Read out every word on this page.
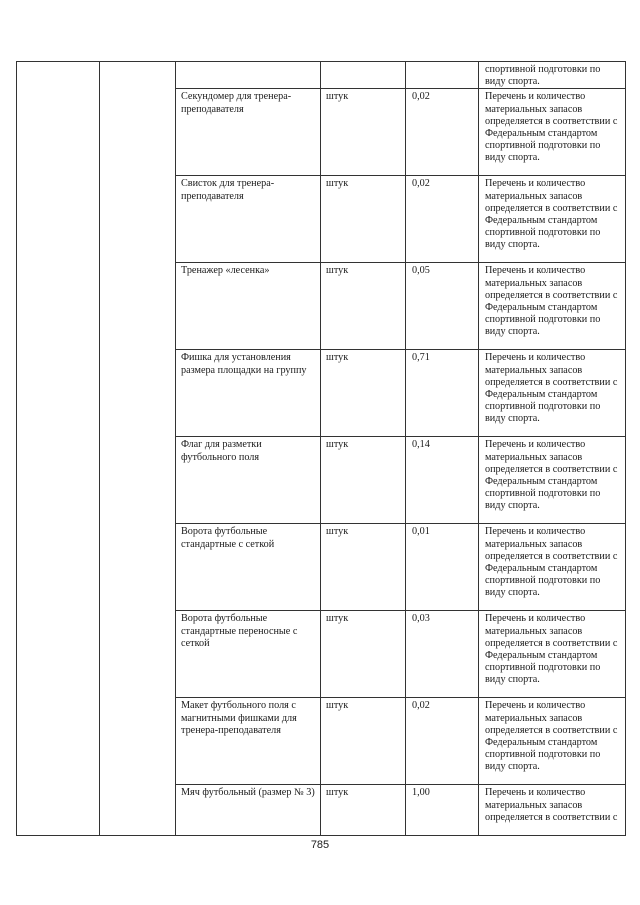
					спортивной подготовки по виду спорта.

		Секундомер для тренера-преподавателя	штук	0,02	Перечень и количество материальных запасов определяется в соответствии с Федеральным стандартом спортивной подготовки по виду спорта.

		Свисток для тренера-преподавателя	штук	0,02	Перечень и количество материальных запасов определяется в соответствии с Федеральным стандартом спортивной подготовки по виду спорта.

		Тренажер «лесенка»	штук	0,05	Перечень и количество материальных запасов определяется в соответствии с Федеральным стандартом спортивной подготовки по виду спорта.

		Фишка для установления размера площадки на группу	штук	0,71	Перечень и количество материальных запасов определяется в соответствии с Федеральным стандартом спортивной подготовки по виду спорта.

		Флаг для разметки футбольного поля	штук	0,14	Перечень и количество материальных запасов определяется в соответствии с Федеральным стандартом спортивной подготовки по виду спорта.

		Ворота футбольные стандартные с сеткой	штук	0,01	Перечень и количество материальных запасов определяется в соответствии с Федеральным стандартом спортивной подготовки по виду спорта.

		Ворота футбольные стандартные переносные с сеткой	штук	0,03	Перечень и количество материальных запасов определяется в соответствии с Федеральным стандартом спортивной подготовки по виду спорта.

		Макет футбольного поля с магнитными фишками для тренера-преподавателя	штук	0,02	Перечень и количество материальных запасов определяется в соответствии с Федеральным стандартом спортивной подготовки по виду спорта.

		Мяч футбольный (размер № 3)	штук	1,00	Перечень и количество материальных запасов определяется в соответствии с
785
